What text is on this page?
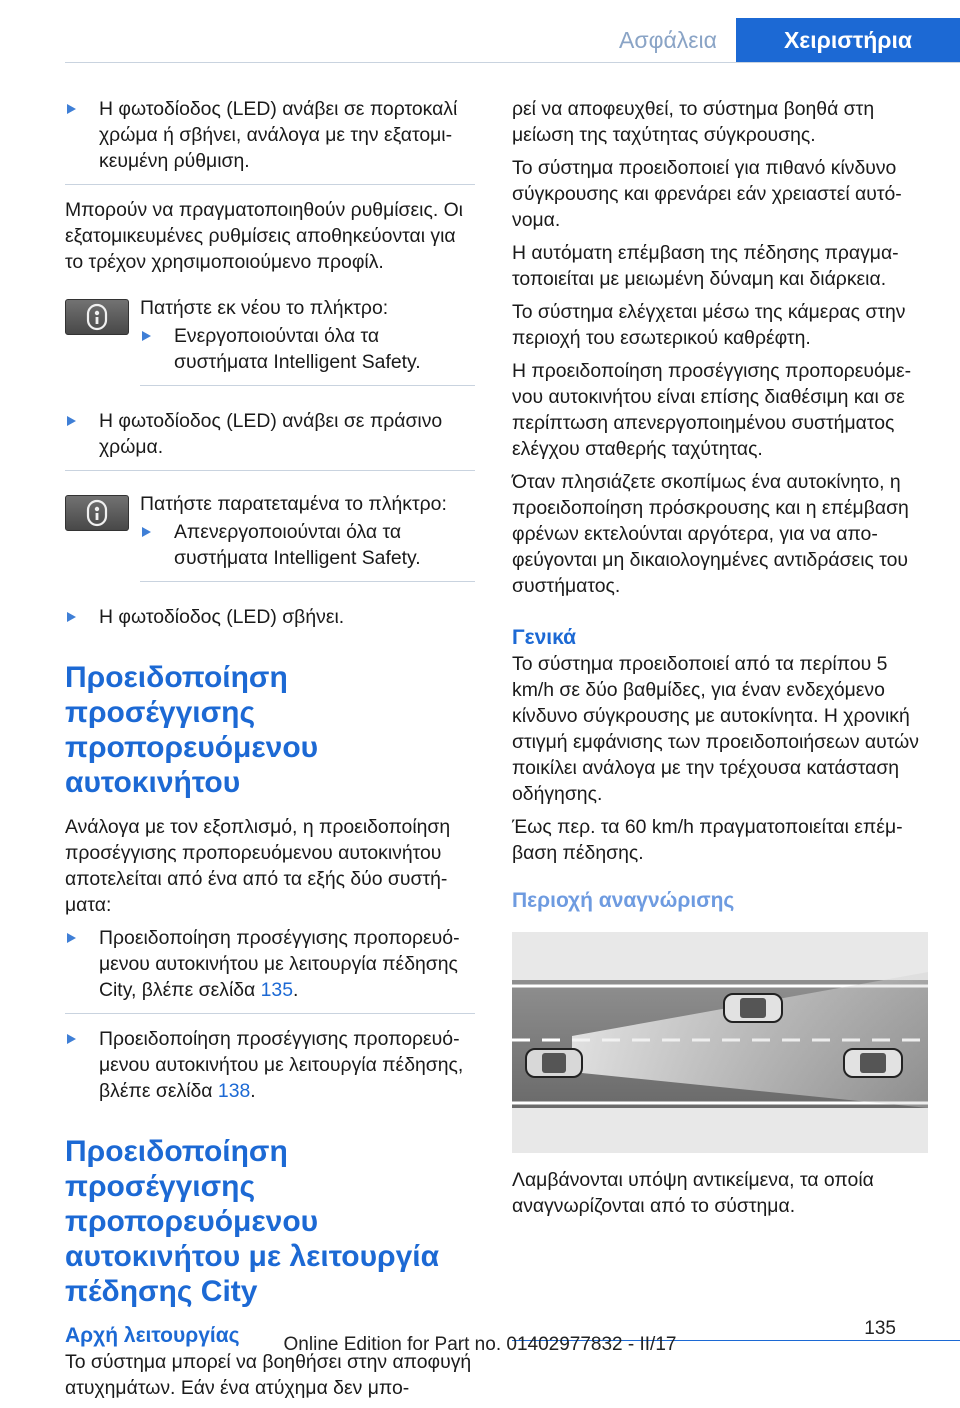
Ασφάλεια	Χειριστήρια
Η φωτοδίοδος (LED) ανάβει σε πορτοκαλί χρώμα ή σβήνει, ανάλογα με την εξατομικευμένη ρύθμιση.

Μπορούν να πραγματοποιηθούν ρυθμίσεις. Οι εξατομικευμένες ρυθμίσεις αποθηκεύονται για το τρέχον χρησιμοποιούμενο προφίλ.

Πατήστε εκ νέου το πλήκτρο:
Ενεργοποιούνται όλα τα συστήματα Intelligent Safety.
Η φωτοδίοδος (LED) ανάβει σε πράσινο χρώμα.
Πατήστε παρατεταμένα το πλήκτρο:
Απενεργοποιούνται όλα τα συστήματα Intelligent Safety.
Η φωτοδίοδος (LED) σβήνει.
Προειδοποίηση προσέγγισης προπορευόμενου αυτοκινήτου

Ανάλογα με τον εξοπλισμό, η προειδοποίηση προσέγγισης προπορευόμενου αυτοκινήτου αποτελείται από ένα από τα εξής δύο συστήματα:

Προειδοποίηση προσέγγισης προπορευόμενου αυτοκινήτου με λειτουργία πέδησης City, βλέπε σελίδα 135.
Προειδοποίηση προσέγγισης προπορευόμενου αυτοκινήτου με λειτουργία πέδησης, βλέπε σελίδα 138.
Προειδοποίηση προσέγγισης προπορευόμενου αυτοκινήτου με λειτουργία πέδησης City
Αρχή λειτουργίας

Το σύστημα μπορεί να βοηθήσει στην αποφυγή ατυχημάτων. Εάν ένα ατύχημα δεν μπο-

ρεί να αποφευχθεί, το σύστημα βοηθά στη μείωση της ταχύτητας σύγκρουσης.

Το σύστημα προειδοποιεί για πιθανό κίνδυνο σύγκρουσης και φρενάρει εάν χρειαστεί αυτόνομα.

Η αυτόματη επέμβαση της πέδησης πραγματοποιείται με μειωμένη δύναμη και διάρκεια.

Το σύστημα ελέγχεται μέσω της κάμερας στην περιοχή του εσωτερικού καθρέφτη.

Η προειδοποίηση προσέγγισης προπορευόμενου αυτοκινήτου είναι επίσης διαθέσιμη και σε περίπτωση απενεργοποιημένου συστήματος ελέγχου σταθερής ταχύτητας.

Όταν πλησιάζετε σκοπίμως ένα αυτοκίνητο, η προειδοποίηση πρόσκρουσης και η επέμβαση φρένων εκτελούνται αργότερα, για να αποφεύγονται μη δικαιολογημένες αντιδράσεις του συστήματος.

Γενικά

Το σύστημα προειδοποιεί από τα περίπου 5 km/h σε δύο βαθμίδες, για έναν ενδεχόμενο κίνδυνο σύγκρουσης με αυτοκίνητα. Η χρονική στιγμή εμφάνισης των προειδοποιήσεων αυτών ποικίλει ανάλογα με την τρέχουσα κατάσταση οδήγησης.

Έως περ. τα 60 km/h πραγματοποιείται επέμβαση πέδησης.

Περιοχή αναγνώρισης

Λαμβάνονται υπόψη αντικείμενα, τα οποία αναγνωρίζονται από το σύστημα.

135
Online Edition for Part no. 01402977832 - II/17
